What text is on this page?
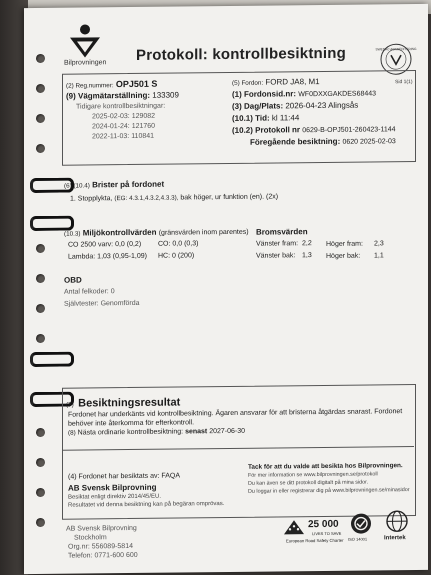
Bilprovningen Protokoll: kontrollbesiktning	SWEDAC ACKREDITERING
Sid 1(1)
(2) Reg.nummer: OPJ501 S
(9) Vägmätarställning: 133309
Tidigare kontrollbesiktningar:
2025-02-03: 129082
2024-01-24: 121760
2022-11-03: 110841
(5) Fordon: FORD JA8, M1
(1) Fordonsid.nr: WF0DXXGAKDES68443
(3) Dag/Plats: 2026-04-23 Alingsås
(10.1) Tid: kl 11:44
(10.2) Protokoll nr 0629-B-OPJ501-260423-1144
Föregående besiktning: 0620 2025-02-03
(6) (10.4) Brister på fordonet
1. Stopplykta, (EG: 4.3.1,4.3.2,4.3.3), bak höger, ur funktion (en). (2x)
(10.3) Miljökontrollvärden (gränsvärden inom parentes)
CO 2500 varv: 0,0 (0,2) CO: 0,0 (0,3)
Lambda: 1,03 (0,95-1,09) HC: 0 (200)
Bromsvärden
Vänster fram: 2,2 Höger fram: 2,3
Vänster bak: 1,3 Höger bak: 1,1
OBD
Antal felkoder: 0
Självtester: Genomförda
(7) Besiktningsresultat
Fordonet har underkänts vid kontrollbesiktning. Ägaren ansvarar för att bristerna åtgärdas snarast. Fordonet behöver inte återkomma för efterkontroll.
(8) Nästa ordinarie kontrollbesiktning: senast 2027-06-30
(4) Fordonet har besiktats av: FAQA
AB Svensk Bilprovning
Besiktat enligt direktiv 2014/45/EU.
Resultatet vid denna besiktning kan på begäran omprövas.
Tack för att du valde att besikta hos Bilprovningen.
För mer information se www.bilprovningen.se/protokoll
Du kan även se ditt protokoll digitalt på mina sidor.
Du loggar in eller registrerar dig på www.bilprovningen.se/minasidor
AB Svensk Bilprovning
Stockholm
Org.nr: 556089-5814
Telefon: 0771-600 600
25 000
LIVES TO SAVE
European Road Safety Charter ISO 14001	Intertek
